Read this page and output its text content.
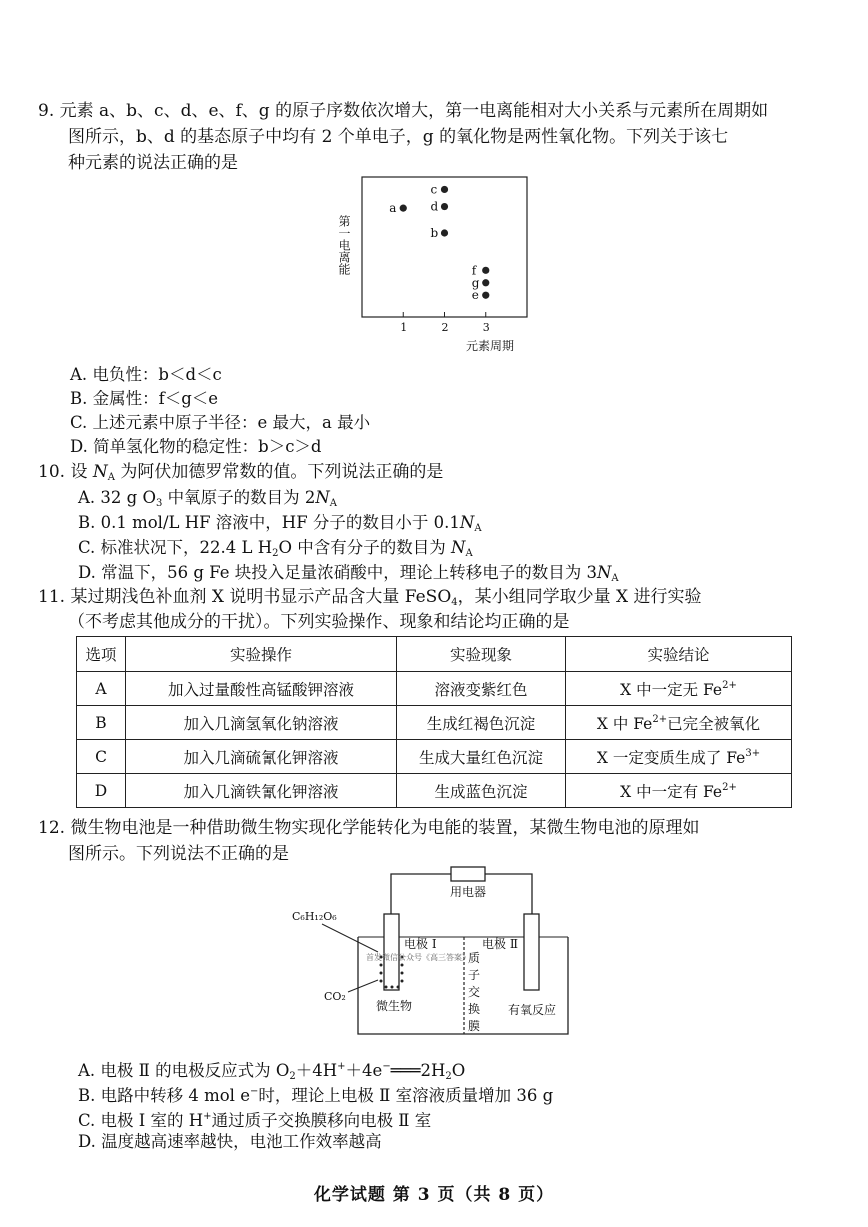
9. 元素 a、b、c、d、e、f、g 的原子序数依次增大，第一电离能相对大小关系与元素所在周期如
图所示，b、d 的基态原子中均有 2 个单电子，g 的氧化物是两性氧化物。下列关于该七
种元素的说法正确的是
1	2	3
a
c
d
b
f
g
e
第一电离能
元素周期
A. 电负性：b＜d＜c
B. 金属性：f＜g＜e
C. 上述元素中原子半径：e 最大，a 最小
D. 简单氢化物的稳定性：b＞c＞d
10. 设 $N_A$ 为阿伏加德罗常数的值。下列说法正确的是
A. 32 g $O_3$ 中氧原子的数目为 $2N_A$
B. 0.1 mol/L HF 溶液中，HF 分子的数目小于 $0.1N_A$
C. 标准状况下，22.4 L $H_2O$ 中含有分子的数目为 $N_A$
D. 常温下，56 g Fe 块投入足量浓硝酸中，理论上转移电子的数目为 $3N_A$
11. 某过期浅色补血剂 X 说明书显示产品含大量 FeSO$_4$，某小组同学取少量 X 进行实验
（不考虑其他成分的干扰）。下列实验操作、现象和结论均正确的是
选项	实验操作	实验现象	实验结论
A	加入过量酸性高锰酸钾溶液	溶液变紫红色	X 中一定无 $Fe^{2+}$
B	加入几滴氢氧化钠溶液	生成红褐色沉淀	X 中 $Fe^{2+}$已完全被氧化
C	加入几滴硫氰化钾溶液	生成大量红色沉淀	X 一定变质生成了 $Fe^{3+}$
D	加入几滴铁氰化钾溶液	生成蓝色沉淀	X 中一定有 $Fe^{2+}$
12. 微生物电池是一种借助微生物实现化学能转化为电能的装置，某微生物电池的原理如
图所示。下列说法不正确的是
用电器
C₆H₁₂O₆
CO₂
电极 Ⅰ	电极 Ⅱ
首发微信公众号《高三答案》
微生物	有氧反应
质
子
交
换
膜
A. 电极 Ⅱ 的电极反应式为 $O_2+4H^++4e^-═══2H_2O$
B. 电路中转移 4 mol e−时，理论上电极 Ⅱ 室溶液质量增加 36 g
C. 电极 Ⅰ 室的 H+通过质子交换膜移向电极 Ⅱ 室
D. 温度越高速率越快，电池工作效率越高
化学试题 第 3 页（共 8 页）
